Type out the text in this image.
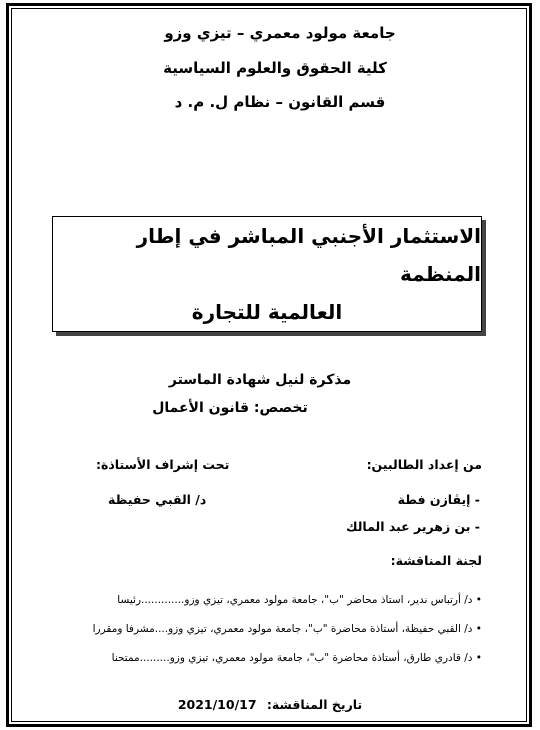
جامعة مولود معمري – تيزي وزو
كلية الحقوق والعلوم السياسية
قسم القانون – نظام ل. م. د
الاستثمار الأجنبي المباشر في إطار المنظمة
العالمية للتجارة
مذكرة لنيل شهادة الماستر
تخصص: قانون الأعمال
من إعداد الطالبين:
تحت إشراف الأستاذة:
- إيڤازن فطة
- بن زهرير عبد المالك
د/ القبي حفيظة
لجنة المناقشة:
• د/ أرتباس ندير، استاذ محاضر "ب"، جامعة مولود معمري، تيزي وزو.............رئيسا
• د/ القبي حفيظة، أستاذة محاضرة "ب"، جامعة مولود معمري، تيزي وزو....مشرفا ومقررا
• د/ قادري طارق، أستاذة محاضرة "ب"، جامعة مولود معمري، تيزي وزو.........ممتحنا
تاريخ المناقشة: 2021/10/17
